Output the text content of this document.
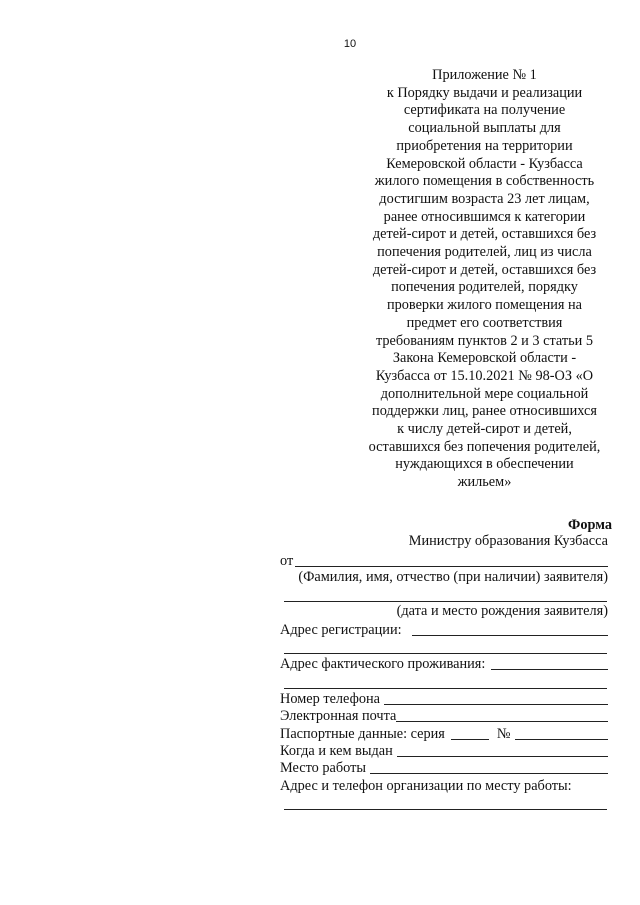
10
Приложение № 1
к Порядку выдачи и реализации
сертификата на получение
социальной выплаты для
приобретения на территории
Кемеровской области - Кузбасса
жилого помещения в собственность
достигшим возраста 23 лет лицам,
ранее относившимся к категории
детей-сирот и детей, оставшихся без
попечения родителей, лиц из числа
детей-сирот и детей, оставшихся без
попечения родителей, порядку
проверки жилого помещения на
предмет его соответствия
требованиям пунктов 2 и 3 статьи 5
Закона Кемеровской области -
Кузбасса от 15.10.2021 № 98-ОЗ «О
дополнительной мере социальной
поддержки лиц, ранее относившихся
к числу детей-сирот и детей,
оставшихся без попечения родителей,
нуждающихся в обеспечении
жильем»
Форма
Министру образования Кузбасса
от
(Фамилия, имя, отчество (при наличии) заявителя)
(дата и место рождения заявителя)
Адрес регистрации:
Адрес фактического проживания:
Номер телефона
Электронная почта
Паспортные данные: серия	№
Когда и кем выдан
Место работы
Адрес и телефон организации по месту работы:
